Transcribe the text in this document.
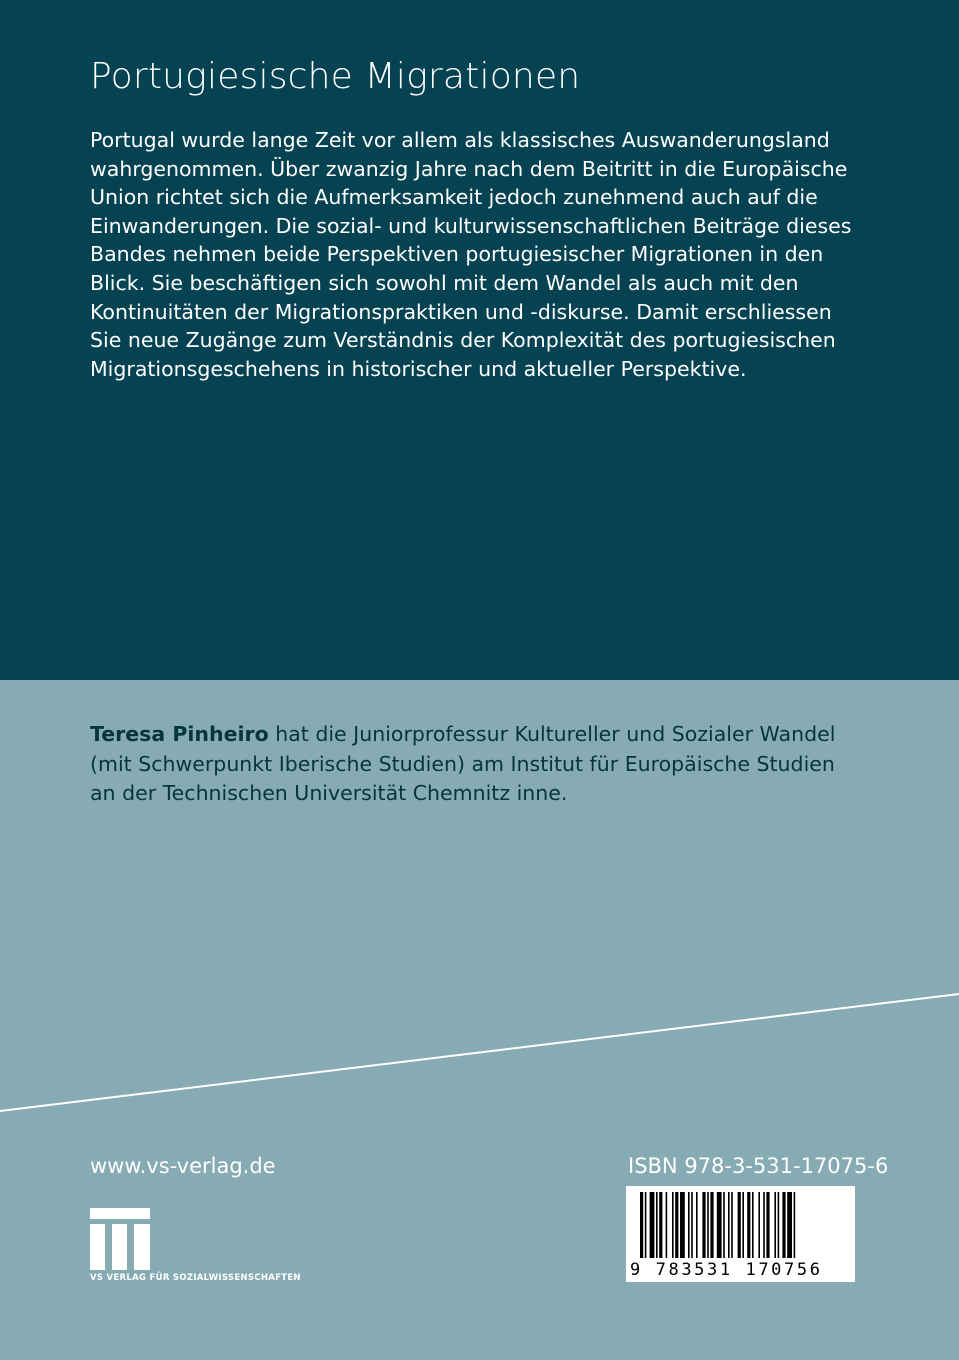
Portugiesische Migrationen

Portugal wurde lange Zeit vor allem als klassisches Auswanderungsland
wahrgenommen. Über zwanzig Jahre nach dem Beitritt in die Europäische
Union richtet sich die Aufmerksamkeit jedoch zunehmend auch auf die
Einwanderungen. Die sozial- und kulturwissenschaftlichen Beiträge dieses
Bandes nehmen beide Perspektiven portugiesischer Migrationen in den
Blick. Sie beschäftigen sich sowohl mit dem Wandel als auch mit den
Kontinuitäten der Migrationspraktiken und -diskurse. Damit erschliessen
Sie neue Zugänge zum Verständnis der Komplexität des portugiesischen
Migrationsgeschehens in historischer und aktueller Perspektive.

Teresa Pinheiro hat die Juniorprofessur Kultureller und Sozialer Wandel
(mit Schwerpunkt Iberische Studien) am Institut für Europäische Studien
an der Technischen Universität Chemnitz inne.

www.vs-verlag.de	ISBN 978-3-531-17075-6
9 783531 170756
VS VERLAG FÜR SOZIALWISSENSCHAFTEN
